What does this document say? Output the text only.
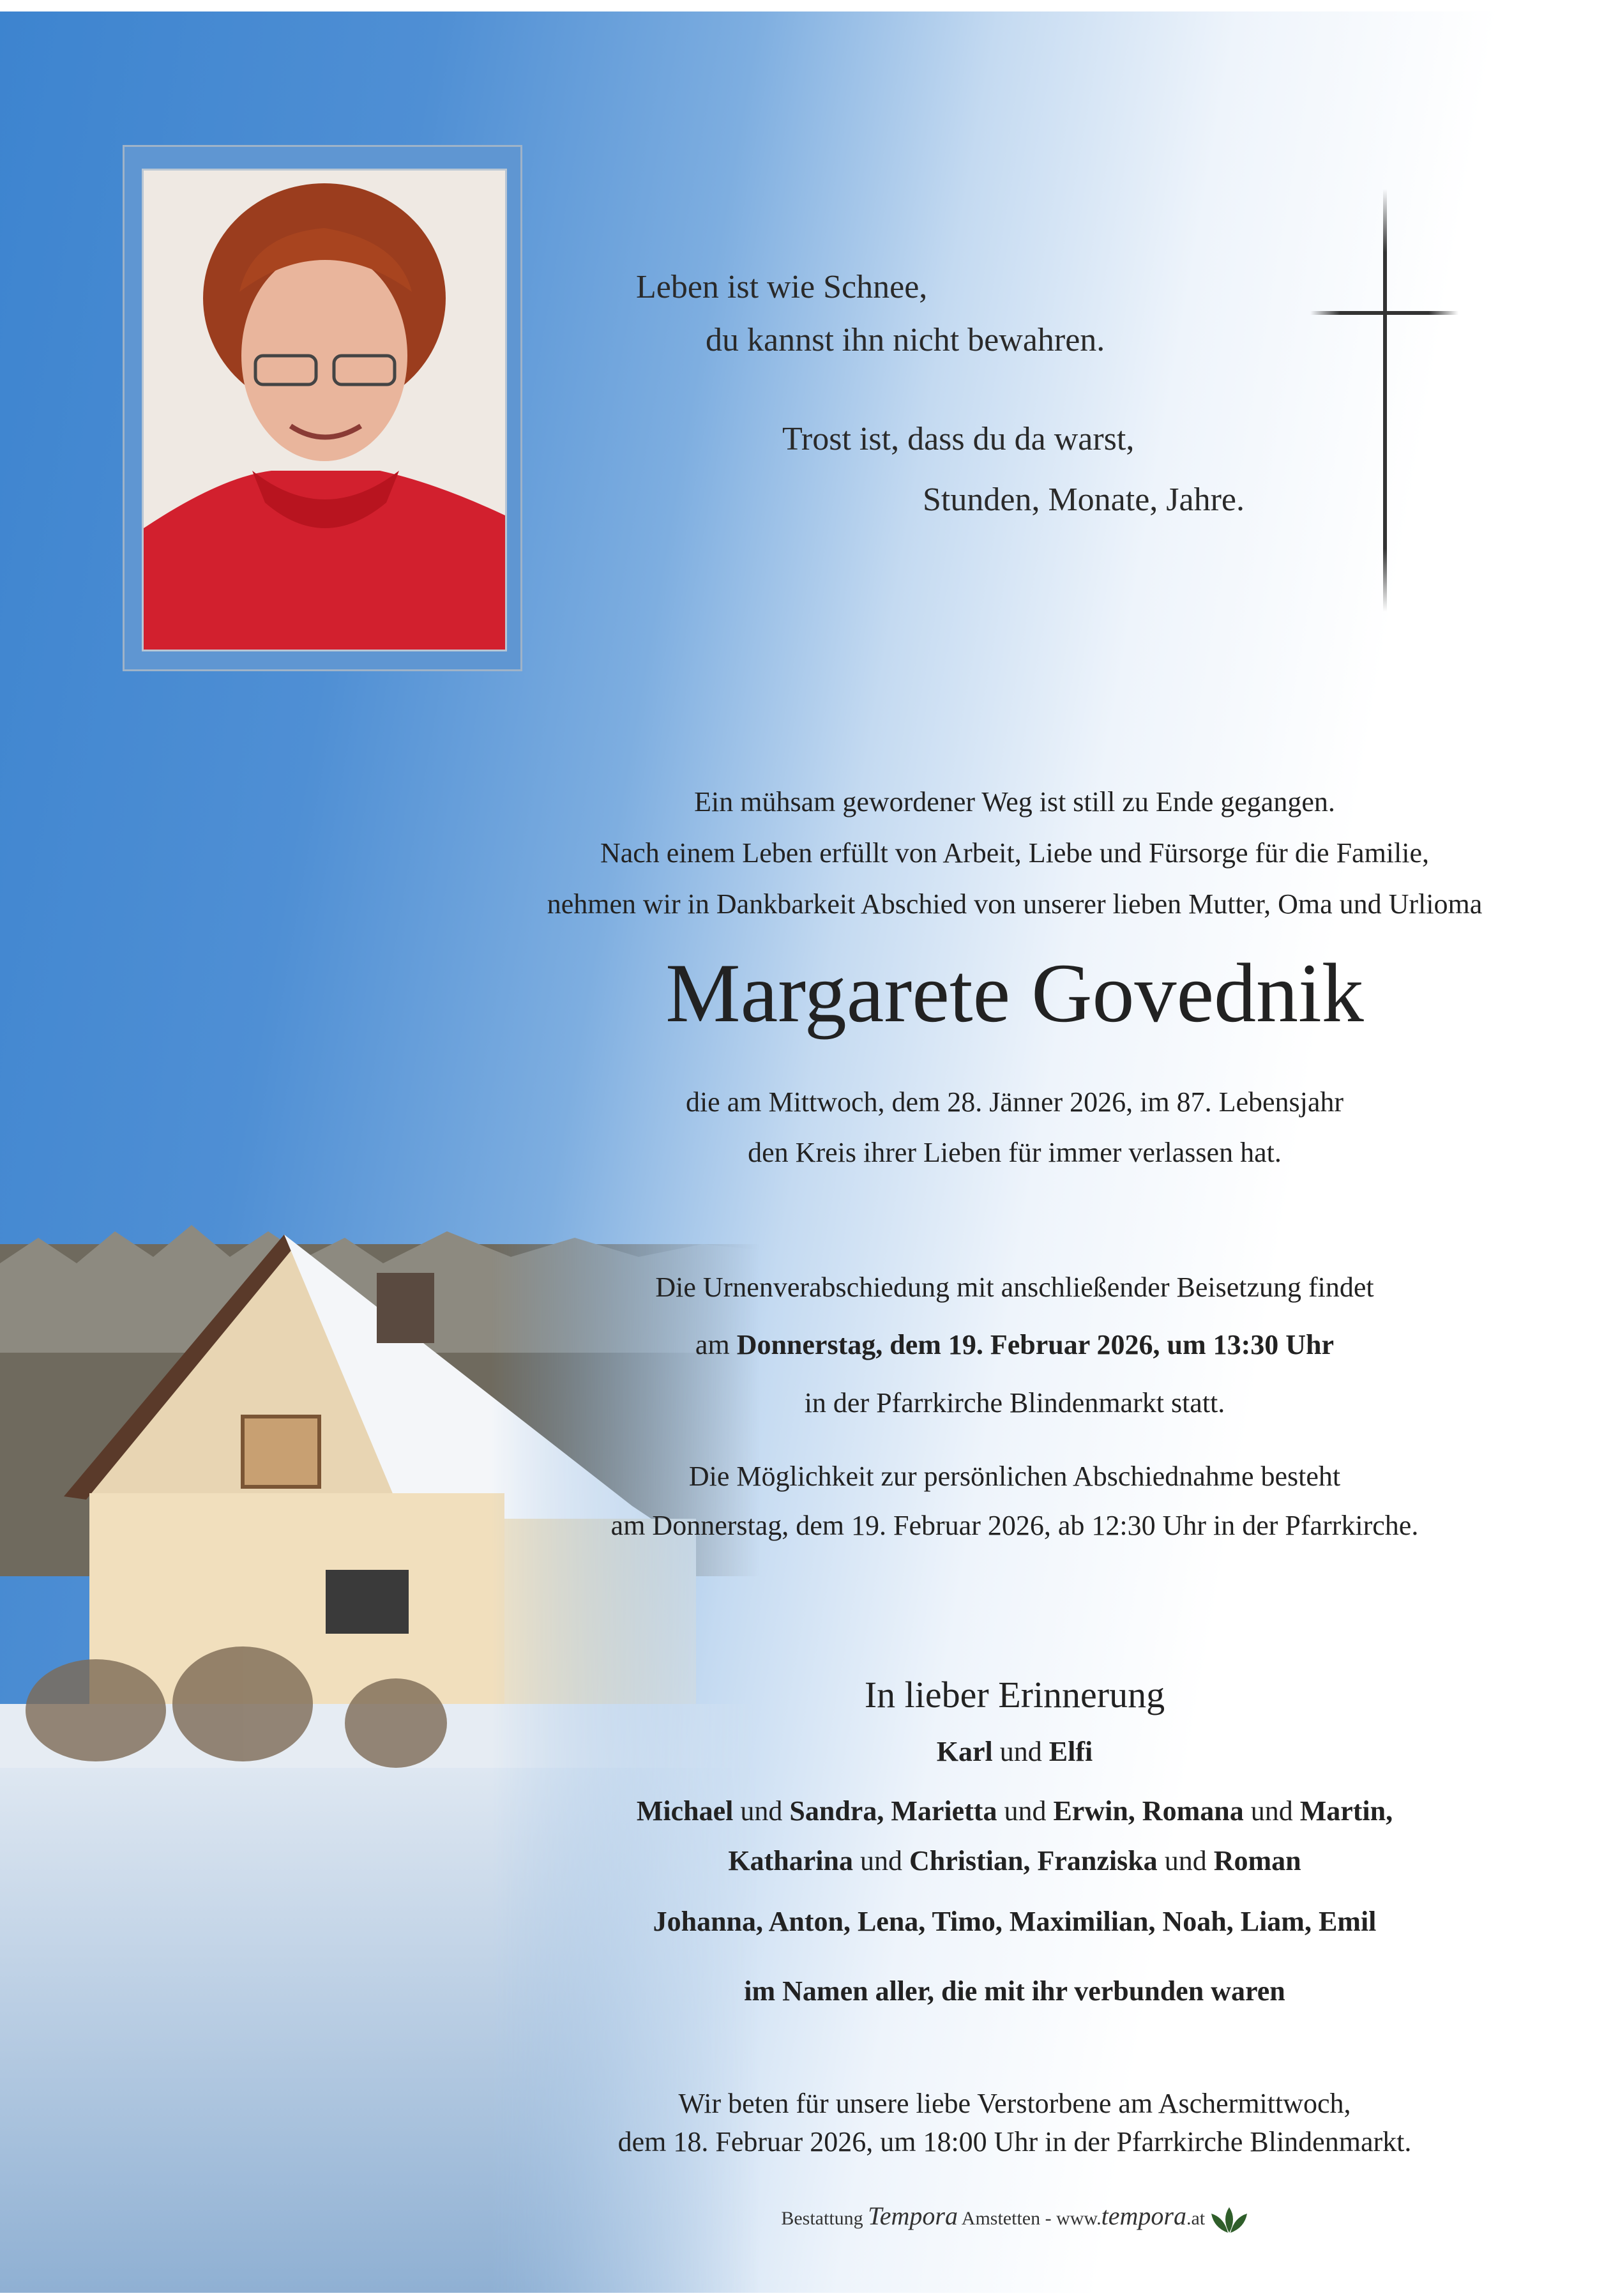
Leben ist wie Schnee,
du kannst ihn nicht bewahren.
Trost ist, dass du da warst,
Stunden, Monate, Jahre.
Ein mühsam gewordener Weg ist still zu Ende gegangen.
Nach einem Leben erfüllt von Arbeit, Liebe und Fürsorge für die Familie,
nehmen wir in Dankbarkeit Abschied von unserer lieben Mutter, Oma und Urlioma
Margarete Govednik
die am Mittwoch, dem 28. Jänner 2026, im 87. Lebensjahr
den Kreis ihrer Lieben für immer verlassen hat.
Die Urnenverabschiedung mit anschließender Beisetzung findet
am Donnerstag, dem 19. Februar 2026, um 13:30 Uhr
in der Pfarrkirche Blindenmarkt statt.
Die Möglichkeit zur persönlichen Abschiednahme besteht
am Donnerstag, dem 19. Februar 2026, ab 12:30 Uhr in der Pfarrkirche.
In lieber Erinnerung
Karl und Elfi
Michael und Sandra, Marietta und Erwin, Romana und Martin,
Katharina und Christian, Franziska und Roman
Johanna, Anton, Lena, Timo, Maximilian, Noah, Liam, Emil
im Namen aller, die mit ihr verbunden waren
Wir beten für unsere liebe Verstorbene am Aschermittwoch,
dem 18. Februar 2026, um 18:00 Uhr in der Pfarrkirche Blindenmarkt.
Bestattung Tempora Amstetten - www.tempora.at
